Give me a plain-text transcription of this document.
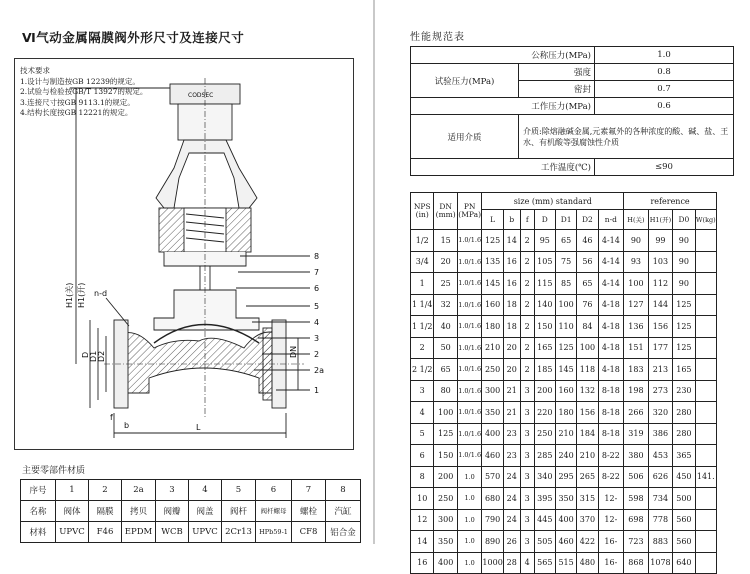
Ⅵ气动金属隔膜阀外形尺寸及连接尺寸
技术要求
1.设计与制造按GB 12239的规定。
2.试验与检验按GB/T 13927的规定。
3.连接尺寸按GB 9113.1的规定。
4.结构长度按GB 12221的规定。
CODSEC
8
7
6
5
4
3
2
2a
1
H1(关) H1(开) n-d
D D1 D2	DN
f
b	L
主要零部件材质
序号	1	2	2a	3	4	5	6	7	8
名称	阀体	隔膜	拷贝	阀瓣	阀盖	阀杆	阀杆螺母	螺栓	汽缸
材料	UPVC	F46	EPDM	WCB	UPVC	2Cr13	HPb59-1	CF8	铝合金
性能规范表
公称压力(MPa)		1.0
试验压力(MPa)	强度	0.8
	密封	0.7
工作压力(MPa)		0.6
适用介质	介质:除熔融碱金属,元素氟外的各种浓度的酸、碱、盐、王水、有机酸等强腐蚀性介质	
工作温度(℃)		≤90
NPS (in)	DN (mm)	PN (MPa)	size (mm) standard							reference			
			L	b	f	D	D1	D2	n-d	H(关)	H1(开)	D0	W(kg)
1/2	15	1.0/1.6	125	14	2	95	65	46	4-14	90	99	90	
3/4	20	1.0/1.6	135	16	2	105	75	56	4-14	93	103	90	
1	25	1.0/1.6	145	16	2	115	85	65	4-14	100	112	90	
1 1/4	32	1.0/1.6	160	18	2	140	100	76	4-18	127	144	125	
1 1/2	40	1.0/1.6	180	18	2	150	110	84	4-18	136	156	125	
2	50	1.0/1.6	210	20	2	165	125	100	4-18	151	177	125	
2 1/2	65	1.0/1.6	250	20	2	185	145	118	4-18	183	213	165	
3	80	1.0/1.6	300	21	3	200	160	132	8-18	198	273	230	
4	100	1.0/1.6	350	21	3	220	180	156	8-18	266	320	280	
5	125	1.0/1.6	400	23	3	250	210	184	8-18	319	386	280	
6	150	1.0/1.6	460	23	3	285	240	210	8-22	380	453	365	
8	200	1.0	570	24	3	340	295	265	8-22	506	626	450	141.
10	250	1.0	680	24	3	395	350	315	12-	598	734	500	
12	300	1.0	790	24	3	445	400	370	12-	698	778	560	
14	350	1.0	890	26	3	505	460	422	16-	723	883	560	
16	400	1.0	1000	28	4	565	515	480	16-	868	1078	640	
